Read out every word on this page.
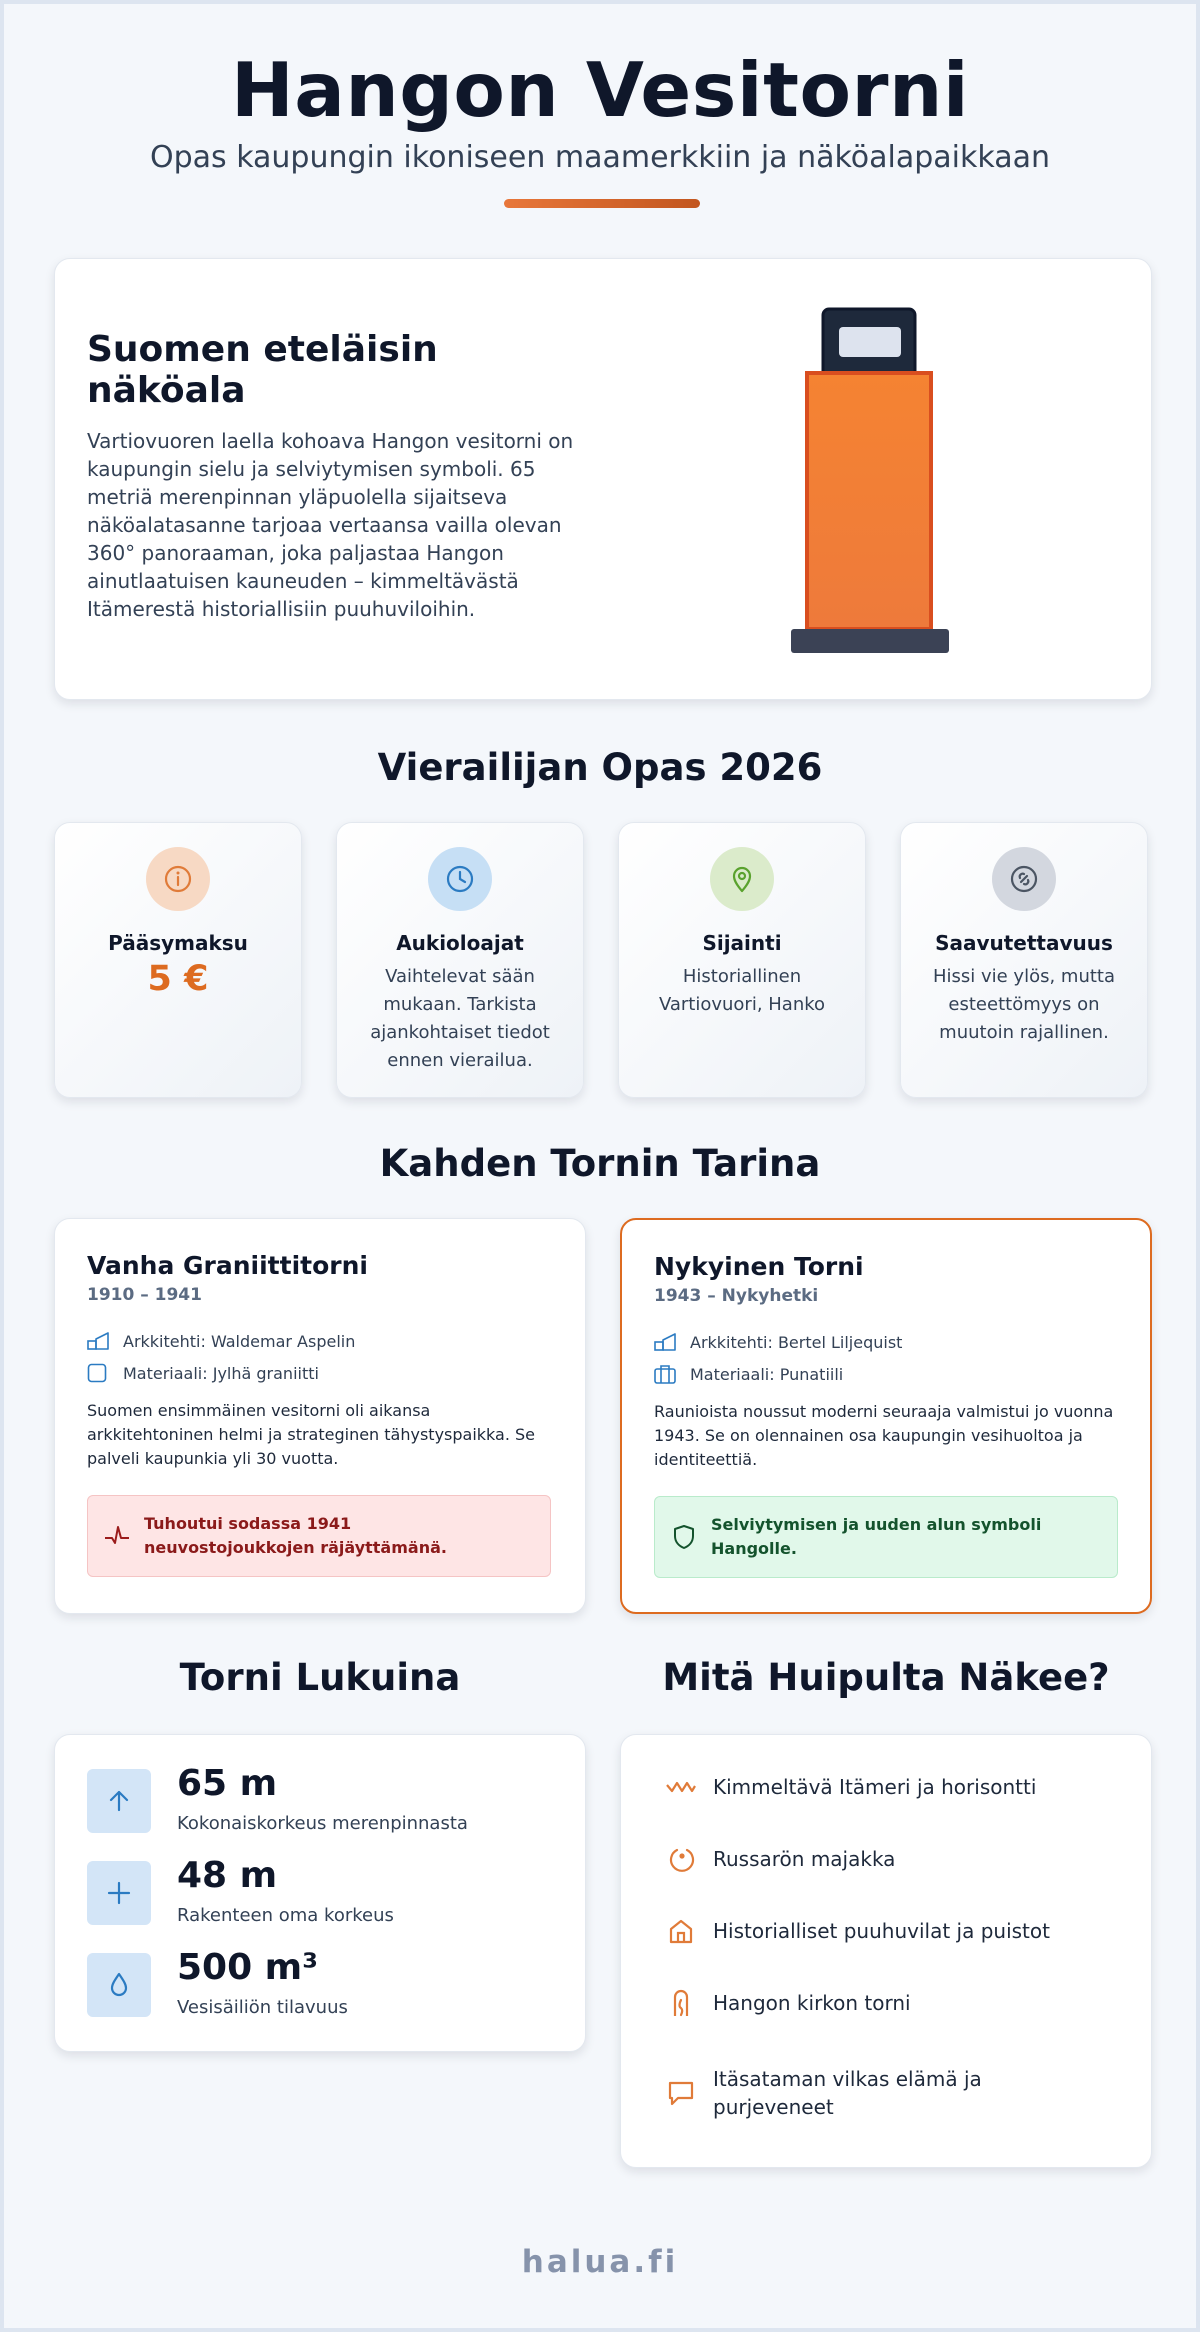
Hangon Vesitorni
Opas kaupungin ikoniseen maamerkkiin ja näköalapaikkaan
Suomen eteläisin näköala
Vartiovuoren laella kohoava Hangon vesitorni on kaupungin sielu ja selviytymisen symboli. 65 metriä merenpinnan yläpuolella sijaitseva näköalatasanne tarjoaa vertaansa vailla olevan 360° panoraaman, joka paljastaa Hangon ainutlaatuisen kauneuden – kimmeltävästä Itämerestä historiallisiin puuhuviloihin.
Vierailijan Opas 2026
Pääsymaksu
5 €
Aukioloajat
Vaihtelevat sään mukaan. Tarkista ajankohtaiset tiedot ennen vierailua.
Sijainti
Historiallinen Vartiovuori, Hanko
Saavutettavuus
Hissi vie ylös, mutta esteettömyys on muutoin rajallinen.
Kahden Tornin Tarina
Vanha Graniittitorni
1910 – 1941
Arkkitehti: Waldemar Aspelin
Materiaali: Jylhä graniitti
Suomen ensimmäinen vesitorni oli aikansa arkkitehtoninen helmi ja strateginen tähystyspaikka. Se palveli kaupunkia yli 30 vuotta.
Tuhoutui sodassa 1941 neuvostojoukkojen räjäyttämänä.
Nykyinen Torni
1943 – Nykyhetki
Arkkitehti: Bertel Liljequist
Materiaali: Punatiili
Raunioista noussut moderni seuraaja valmistui jo vuonna 1943. Se on olennainen osa kaupungin vesihuoltoa ja identiteettiä.
Selviytymisen ja uuden alun symboli Hangolle.
Torni Lukuina
65 m
Kokonaiskorkeus merenpinnasta
48 m
Rakenteen oma korkeus
500 m³
Vesisäiliön tilavuus
Mitä Huipulta Näkee?
Kimmeltävä Itämeri ja horisontti
Russarön majakka
Historialliset puuhuvilat ja puistot
Hangon kirkon torni
Itäsataman vilkas elämä ja purjeveneet
halua.fi
